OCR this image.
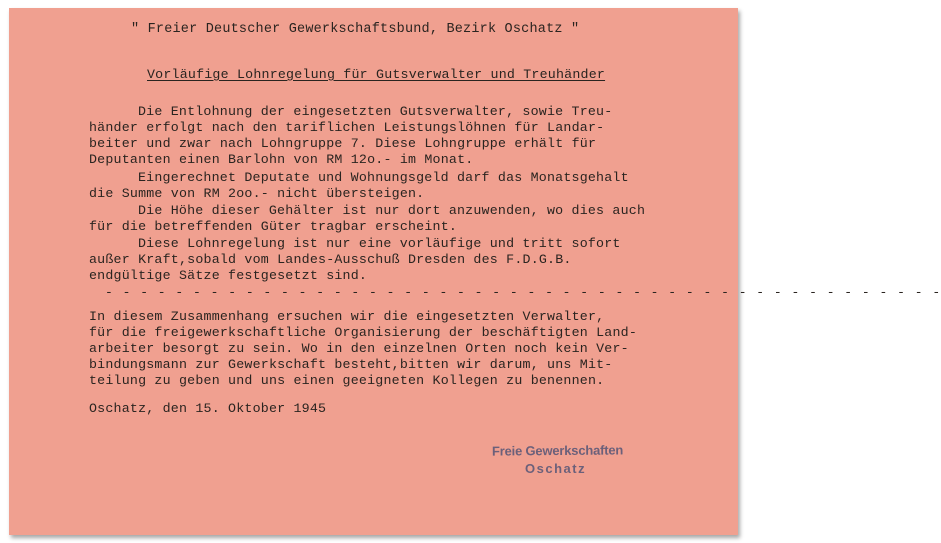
" Freier Deutscher Gewerkschaftsbund, Bezirk Oschatz "
Vorläufige Lohnregelung für Gutsverwalter und Treuhänder
Die Entlohnung der eingesetzten Gutsverwalter, sowie Treu-
händer erfolgt nach den tariflichen Leistungslöhnen für Landar-
beiter und zwar nach Lohngruppe 7. Diese Lohngruppe erhält für
Deputanten einen Barlohn von RM 12o.- im Monat.
Eingerechnet Deputate und Wohnungsgeld darf das Monatsgehalt
die Summe von RM 2oo.- nicht übersteigen.
Die Höhe dieser Gehälter ist nur dort anzuwenden, wo dies auch
für die betreffenden Güter tragbar erscheint.
Diese Lohnregelung ist nur eine vorläufige und tritt sofort
außer Kraft,sobald vom Landes-Ausschuß Dresden des F.D.G.B.
endgültige Sätze festgesetzt sind.
- - - - - - - - - - - - - - - - - - - - - - - - - - - - - - - - - - - - - - - - - - - - - - - -
In diesem Zusammenhang ersuchen wir die eingesetzten Verwalter,
für die freigewerkschaftliche Organisierung der beschäftigten Land-
arbeiter besorgt zu sein. Wo in den einzelnen Orten noch kein Ver-
bindungsmann zur Gewerkschaft besteht,bitten wir darum, uns Mit-
teilung zu geben und uns einen geeigneten Kollegen zu benennen.
Oschatz, den 15. Oktober 1945
Freie Gewerkschaften
Oschatz
